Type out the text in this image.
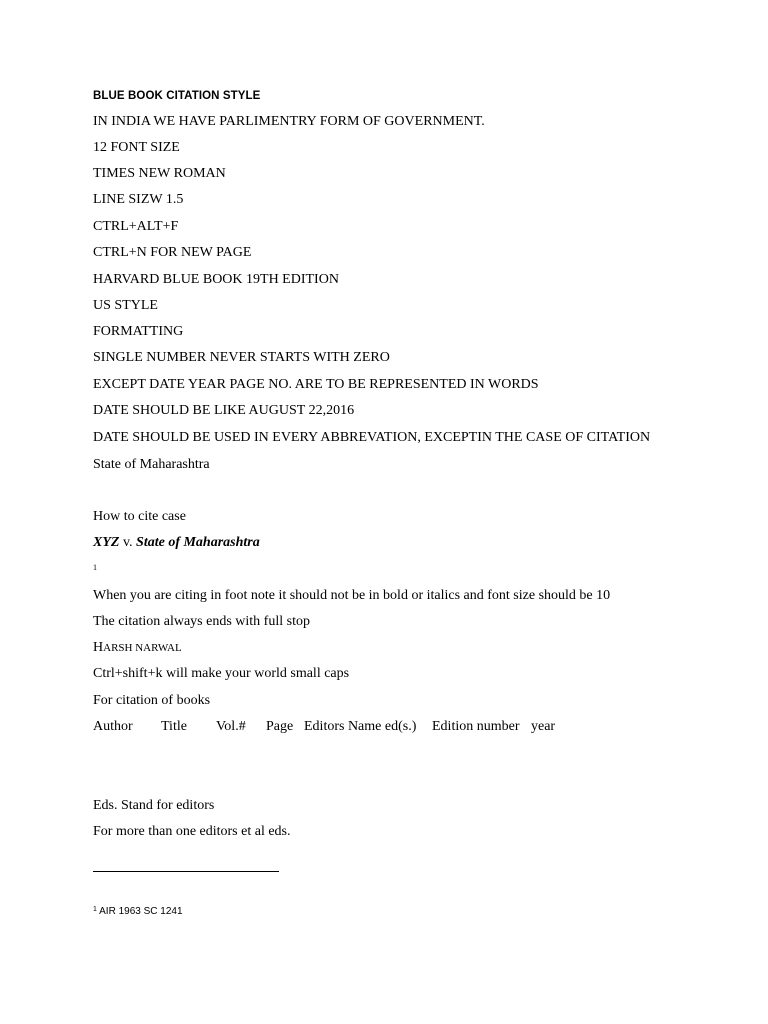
BLUE BOOK CITATION STYLE
IN INDIA WE HAVE PARLIMENTRY FORM OF GOVERNMENT.
12 FONT SIZE
TIMES NEW ROMAN
LINE SIZW 1.5
CTRL+ALT+F
CTRL+N FOR NEW PAGE
HARVARD BLUE BOOK 19TH EDITION
US STYLE
FORMATTING
SINGLE NUMBER NEVER STARTS WITH ZERO
EXCEPT DATE YEAR PAGE NO. ARE TO BE REPRESENTED IN WORDS
DATE SHOULD BE LIKE AUGUST 22,2016
DATE SHOULD BE USED IN EVERY ABBREVATION, EXCEPTIN THE CASE OF CITATION
State of Maharashtra
How to cite case
XYZ v. State of Maharashtra
1
When you are citing in foot note it should not be in bold or italics and font size should be 10
The citation always ends with full stop
HARSH NARWAL
Ctrl+shift+k will make your world small caps
For citation of books
Author Title Vol.# Page Editors Name ed(s.) Edition number year
Eds. Stand for editors
For more than one editors et al eds.
$^1$ AIR 1963 SC 1241
